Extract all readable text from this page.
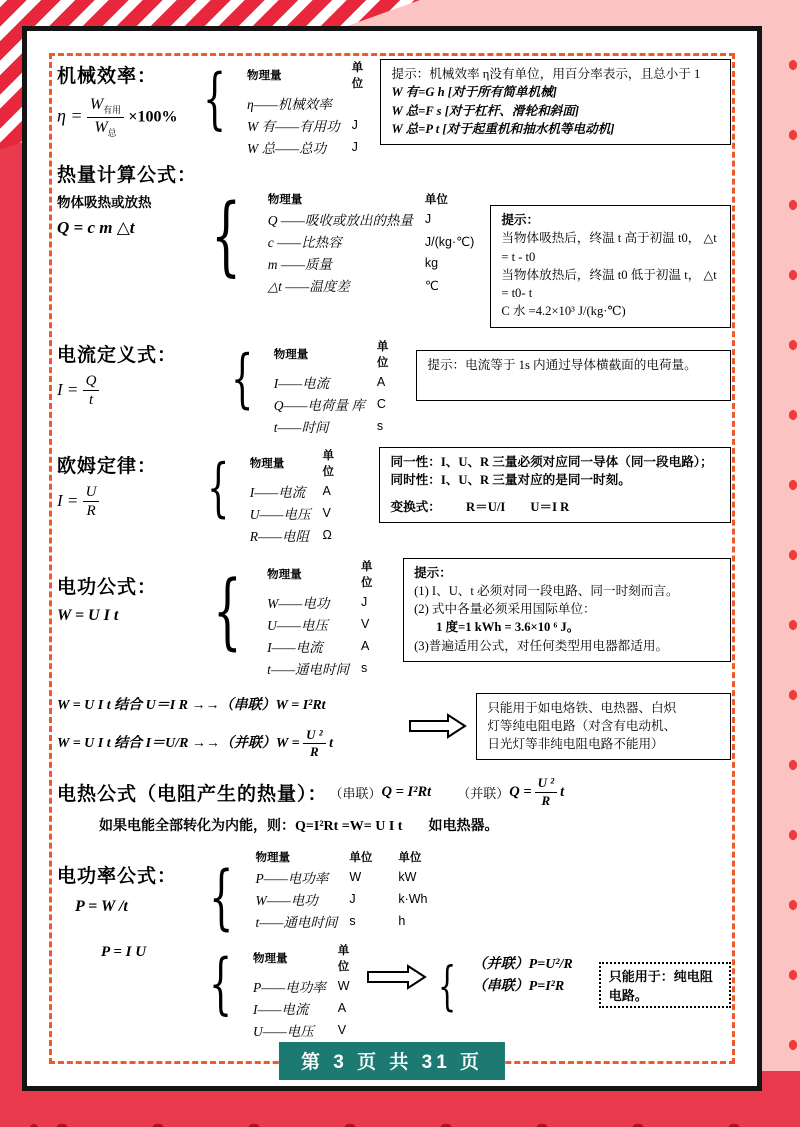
机械效率：
$\eta = \frac{W_{有用}}{W_总} \times 100\%$ { 物理量	单位
η——机械效率	
W 有——有用功	J
W 总——总功	J
提示：机械效率 η没有单位，用百分率表示，且总小于 1
W 有=G h [对于所有简单机械]
W 总=F s [对于杠杆、滑轮和斜面]
W 总=P t [对于起重机和抽水机等电动机]
热量计算公式：
物体吸热或放热
Q = c m △t { 物理量	单位
Q ——吸收或放出的热量	J
c ——比热容	J/(kg·℃)
m ——质量	kg
△t ——温度差	℃
提示：
当物体吸热后，终温 t 高于初温 t0， △t = t - t0
当物体放热后，终温 t0 低于初温 t， △t = t0- t
C 水 =4.2×10³ J/(kg·℃)
电流定义式：
$I = \frac{Q}{t}$ { 物理量	单位
I——电流	A
Q——电荷量 库	C
t——时间	s
提示：电流等于 1s 内通过导体横截面的电荷量。
欧姆定律：
$I = \frac{U}{R}$ { 物理量	单位
I——电流	A
U——电压	V
R——电阻	Ω
同一性：I、U、R 三量必须对应同一导体（同一段电路）；
同时性：I、U、R 三量对应的是同一时刻。
变换式：        R＝U/I        U＝I R
电功公式：
W = U I t	{ 物理量	单位
W——电功	J
U——电压	V
I——电流	A
t——通电时间	s
提示：
(1) I、U、t 必须对同一段电路、同一时刻而言。
(2) 式中各量必须采用国际单位：
1 度=1 kWh = 3.6×10 ⁶ J。
(3)普遍适用公式，对任何类型用电器都适用。
W = U I t 结合 U＝I R →→（串联）W = I²Rt
W = U I t 结合 I＝U/R →→（并联）$W = \frac{\text{U ²}}{R}$ t
只能用于如电烙铁、电热器、白炽
灯等纯电阻电路（对含有电动机、
日光灯等非纯电阻电路不能用）
电热公式（电阻产生的热量）： （串联） Q = I²Rt （并联） $Q = \frac{\text{U ²}}{R}$ t
如果电能全部转化为内能，则：Q=I²Rt =W= U I t 如电热器。
电功率公式：
P = W /t	{ 物理量	单位	单位
P——电功率	W	kW
W——电功	J	k·Wh
t——通电时间	s	h
P = I U { 物理量	单位
P——电功率	W
I——电流	A
U——电压	V
{ （并联）P=U²/R
（串联）P=I²R
只能用于：纯电阻电路。
第 3 页 共 31 页
